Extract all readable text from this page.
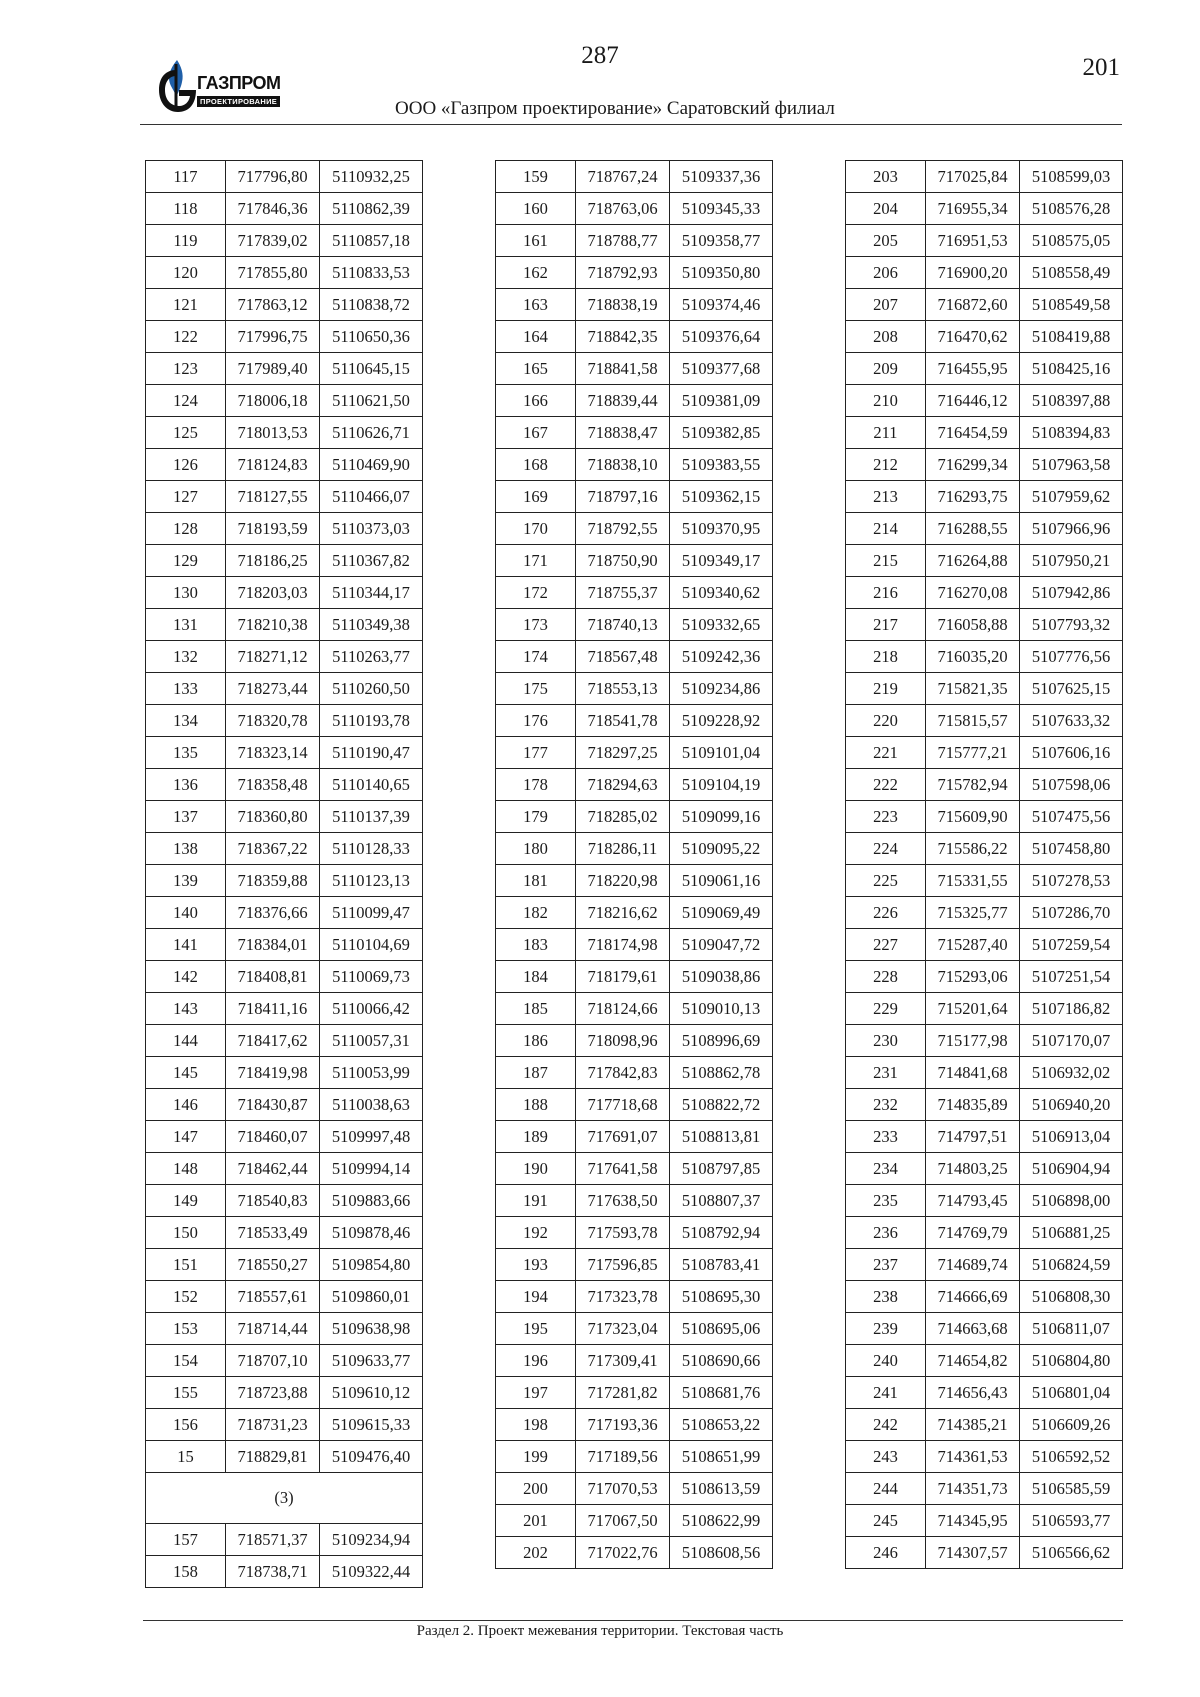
287	201
ГАЗПРОМ
ПРОЕКТИРОВАНИЕ	ООО «Газпром проектирование» Саратовский филиал
117	717796,80	5110932,25
118	717846,36	5110862,39
119	717839,02	5110857,18
120	717855,80	5110833,53
121	717863,12	5110838,72
122	717996,75	5110650,36
123	717989,40	5110645,15
124	718006,18	5110621,50
125	718013,53	5110626,71
126	718124,83	5110469,90
127	718127,55	5110466,07
128	718193,59	5110373,03
129	718186,25	5110367,82
130	718203,03	5110344,17
131	718210,38	5110349,38
132	718271,12	5110263,77
133	718273,44	5110260,50
134	718320,78	5110193,78
135	718323,14	5110190,47
136	718358,48	5110140,65
137	718360,80	5110137,39
138	718367,22	5110128,33
139	718359,88	5110123,13
140	718376,66	5110099,47
141	718384,01	5110104,69
142	718408,81	5110069,73
143	718411,16	5110066,42
144	718417,62	5110057,31
145	718419,98	5110053,99
146	718430,87	5110038,63
147	718460,07	5109997,48
148	718462,44	5109994,14
149	718540,83	5109883,66
150	718533,49	5109878,46
151	718550,27	5109854,80
152	718557,61	5109860,01
153	718714,44	5109638,98
154	718707,10	5109633,77
155	718723,88	5109610,12
156	718731,23	5109615,33
15	718829,81	5109476,40
(3)		
157	718571,37	5109234,94
158	718738,71	5109322,44
159	718767,24	5109337,36
160	718763,06	5109345,33
161	718788,77	5109358,77
162	718792,93	5109350,80
163	718838,19	5109374,46
164	718842,35	5109376,64
165	718841,58	5109377,68
166	718839,44	5109381,09
167	718838,47	5109382,85
168	718838,10	5109383,55
169	718797,16	5109362,15
170	718792,55	5109370,95
171	718750,90	5109349,17
172	718755,37	5109340,62
173	718740,13	5109332,65
174	718567,48	5109242,36
175	718553,13	5109234,86
176	718541,78	5109228,92
177	718297,25	5109101,04
178	718294,63	5109104,19
179	718285,02	5109099,16
180	718286,11	5109095,22
181	718220,98	5109061,16
182	718216,62	5109069,49
183	718174,98	5109047,72
184	718179,61	5109038,86
185	718124,66	5109010,13
186	718098,96	5108996,69
187	717842,83	5108862,78
188	717718,68	5108822,72
189	717691,07	5108813,81
190	717641,58	5108797,85
191	717638,50	5108807,37
192	717593,78	5108792,94
193	717596,85	5108783,41
194	717323,78	5108695,30
195	717323,04	5108695,06
196	717309,41	5108690,66
197	717281,82	5108681,76
198	717193,36	5108653,22
199	717189,56	5108651,99
200	717070,53	5108613,59
201	717067,50	5108622,99
202	717022,76	5108608,56
203	717025,84	5108599,03
204	716955,34	5108576,28
205	716951,53	5108575,05
206	716900,20	5108558,49
207	716872,60	5108549,58
208	716470,62	5108419,88
209	716455,95	5108425,16
210	716446,12	5108397,88
211	716454,59	5108394,83
212	716299,34	5107963,58
213	716293,75	5107959,62
214	716288,55	5107966,96
215	716264,88	5107950,21
216	716270,08	5107942,86
217	716058,88	5107793,32
218	716035,20	5107776,56
219	715821,35	5107625,15
220	715815,57	5107633,32
221	715777,21	5107606,16
222	715782,94	5107598,06
223	715609,90	5107475,56
224	715586,22	5107458,80
225	715331,55	5107278,53
226	715325,77	5107286,70
227	715287,40	5107259,54
228	715293,06	5107251,54
229	715201,64	5107186,82
230	715177,98	5107170,07
231	714841,68	5106932,02
232	714835,89	5106940,20
233	714797,51	5106913,04
234	714803,25	5106904,94
235	714793,45	5106898,00
236	714769,79	5106881,25
237	714689,74	5106824,59
238	714666,69	5106808,30
239	714663,68	5106811,07
240	714654,82	5106804,80
241	714656,43	5106801,04
242	714385,21	5106609,26
243	714361,53	5106592,52
244	714351,73	5106585,59
245	714345,95	5106593,77
246	714307,57	5106566,62
Раздел 2. Проект межевания территории. Текстовая часть
